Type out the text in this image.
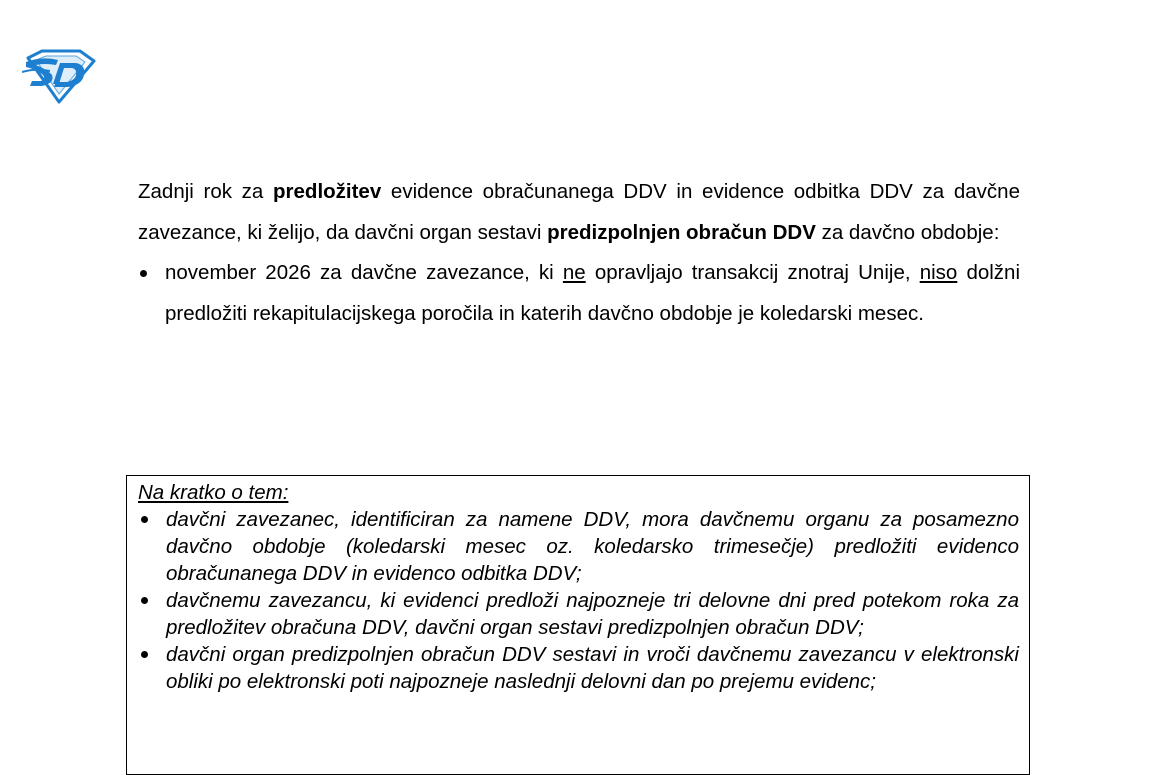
Zadnji rok za predložitev evidence obračunanega DDV in evidence odbitka DDV za davčne zavezance, ki želijo, da davčni organ sestavi predizpolnjen obračun DDV za davčno obdobje:

november 2026 za davčne zavezance, ki ne opravljajo transakcij znotraj Unije, niso dolžni predložiti rekapitulacijskega poročila in katerih davčno obdobje je koledarski mesec.

Na kratko o tem:

davčni zavezanec, identificiran za namene DDV, mora davčnemu organu za posamezno davčno obdobje (koledarski mesec oz. koledarsko trimesečje) predložiti evidenco obračunanega DDV in evidenco odbitka DDV;
davčnemu zavezancu, ki evidenci predloži najpozneje tri delovne dni pred potekom roka za predložitev obračuna DDV, davčni organ sestavi predizpolnjen obračun DDV;
davčni organ predizpolnjen obračun DDV sestavi in vroči davčnemu zavezancu v elektronski obliki po elektronski poti najpozneje naslednji delovni dan po prejemu evidenc;
